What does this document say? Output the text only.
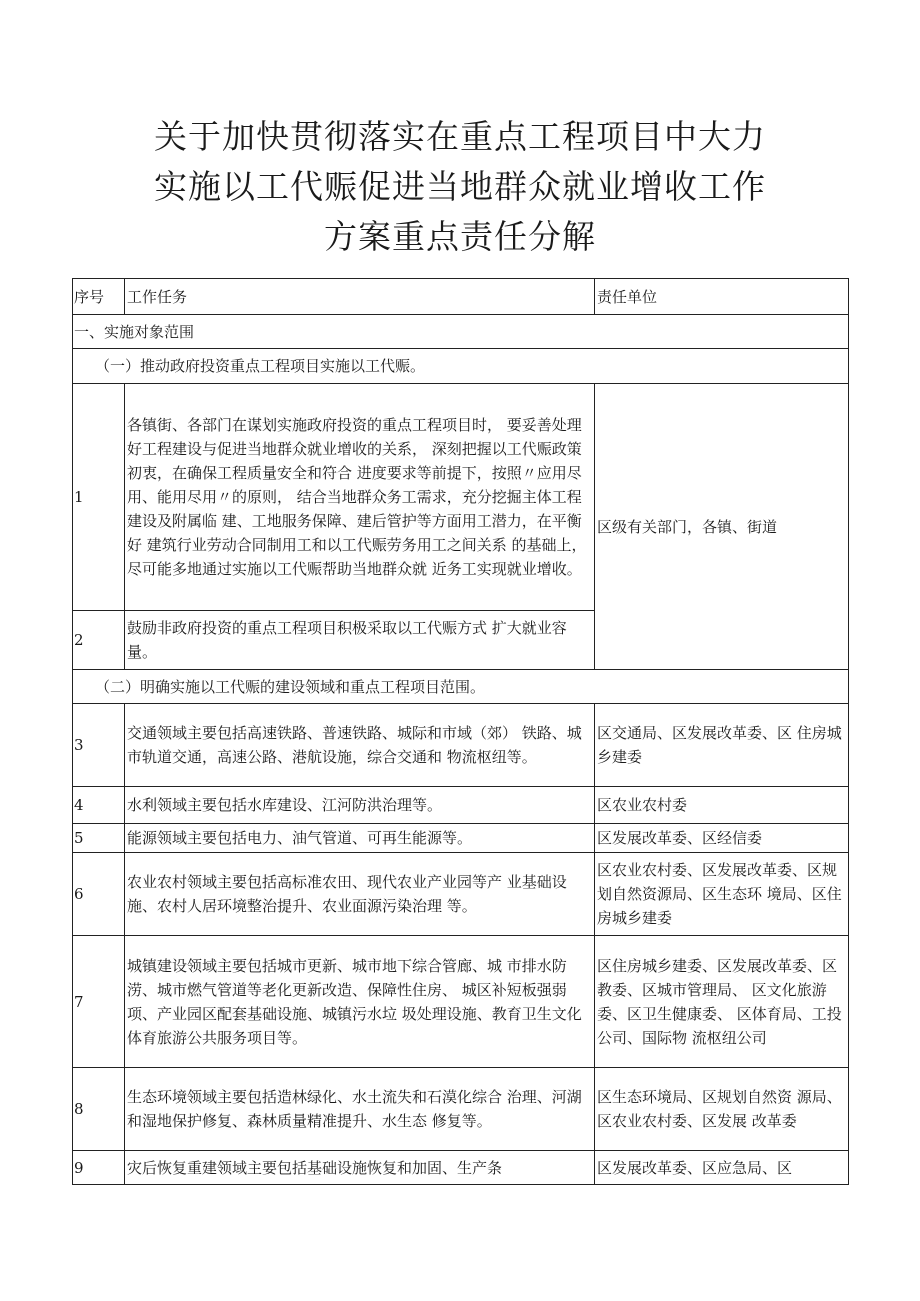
关于加快贯彻落实在重点工程项目中大力
实施以工代赈促进当地群众就业增收工作
方案重点责任分解
序号	工作任务	责任单位
一、实施对象范围		
（一）推动政府投资重点工程项目实施以工代赈。		
1	各镇街、各部门在谋划实施政府投资的重点工程项目时， 要妥善处理好工程建设与促进当地群众就业增收的关系， 深刻把握以工代赈政策初衷，在确保工程质量安全和符合 进度要求等前提下，按照〃应用尽用、能用尽用〃的原则， 结合当地群众务工需求，充分挖掘主体工程建设及附属临 建、工地服务保障、建后管护等方面用工潜力，在平衡好 建筑行业劳动合同制用工和以工代赈劳务用工之间关系 的基础上，尽可能多地通过实施以工代赈帮助当地群众就 近务工实现就业增收。	区级有关部门，各镇、街道
2	鼓励非政府投资的重点工程项目积极采取以工代赈方式 扩大就业容量。	
（二）明确实施以工代赈的建设领域和重点工程项目范围。		
3	交通领域主要包括高速铁路、普速铁路、城际和市域（郊） 铁路、城市轨道交通，高速公路、港航设施，综合交通和 物流枢纽等。	区交通局、区发展改革委、区 住房城乡建委
4	水利领域主要包括水库建设、江河防洪治理等。	区农业农村委
5	能源领域主要包括电力、油气管道、可再生能源等。	区发展改革委、区经信委
6	农业农村领域主要包括高标准农田、现代农业产业园等产 业基础设施、农村人居环境整治提升、农业面源污染治理 等。	区农业农村委、区发展改革委、区规划自然资源局、区生态环 境局、区住房城乡建委
7	城镇建设领域主要包括城市更新、城市地下综合管廊、城 市排水防涝、城市燃气管道等老化更新改造、保障性住房、 城区补短板强弱项、产业园区配套基础设施、城镇污水垃 圾处理设施、教育卫生文化体育旅游公共服务项目等。	区住房城乡建委、区发展改革委、区教委、区城市管理局、 区文化旅游委、区卫生健康委、 区体育局、工投公司、国际物 流枢纽公司
8	生态环境领域主要包括造林绿化、水土流失和石漠化综合 治理、河湖和湿地保护修复、森林质量精准提升、水生态 修复等。	区生态环境局、区规划自然资 源局、区农业农村委、区发展 改革委
9	灾后恢复重建领域主要包括基础设施恢复和加固、生产条	区发展改革委、区应急局、区
